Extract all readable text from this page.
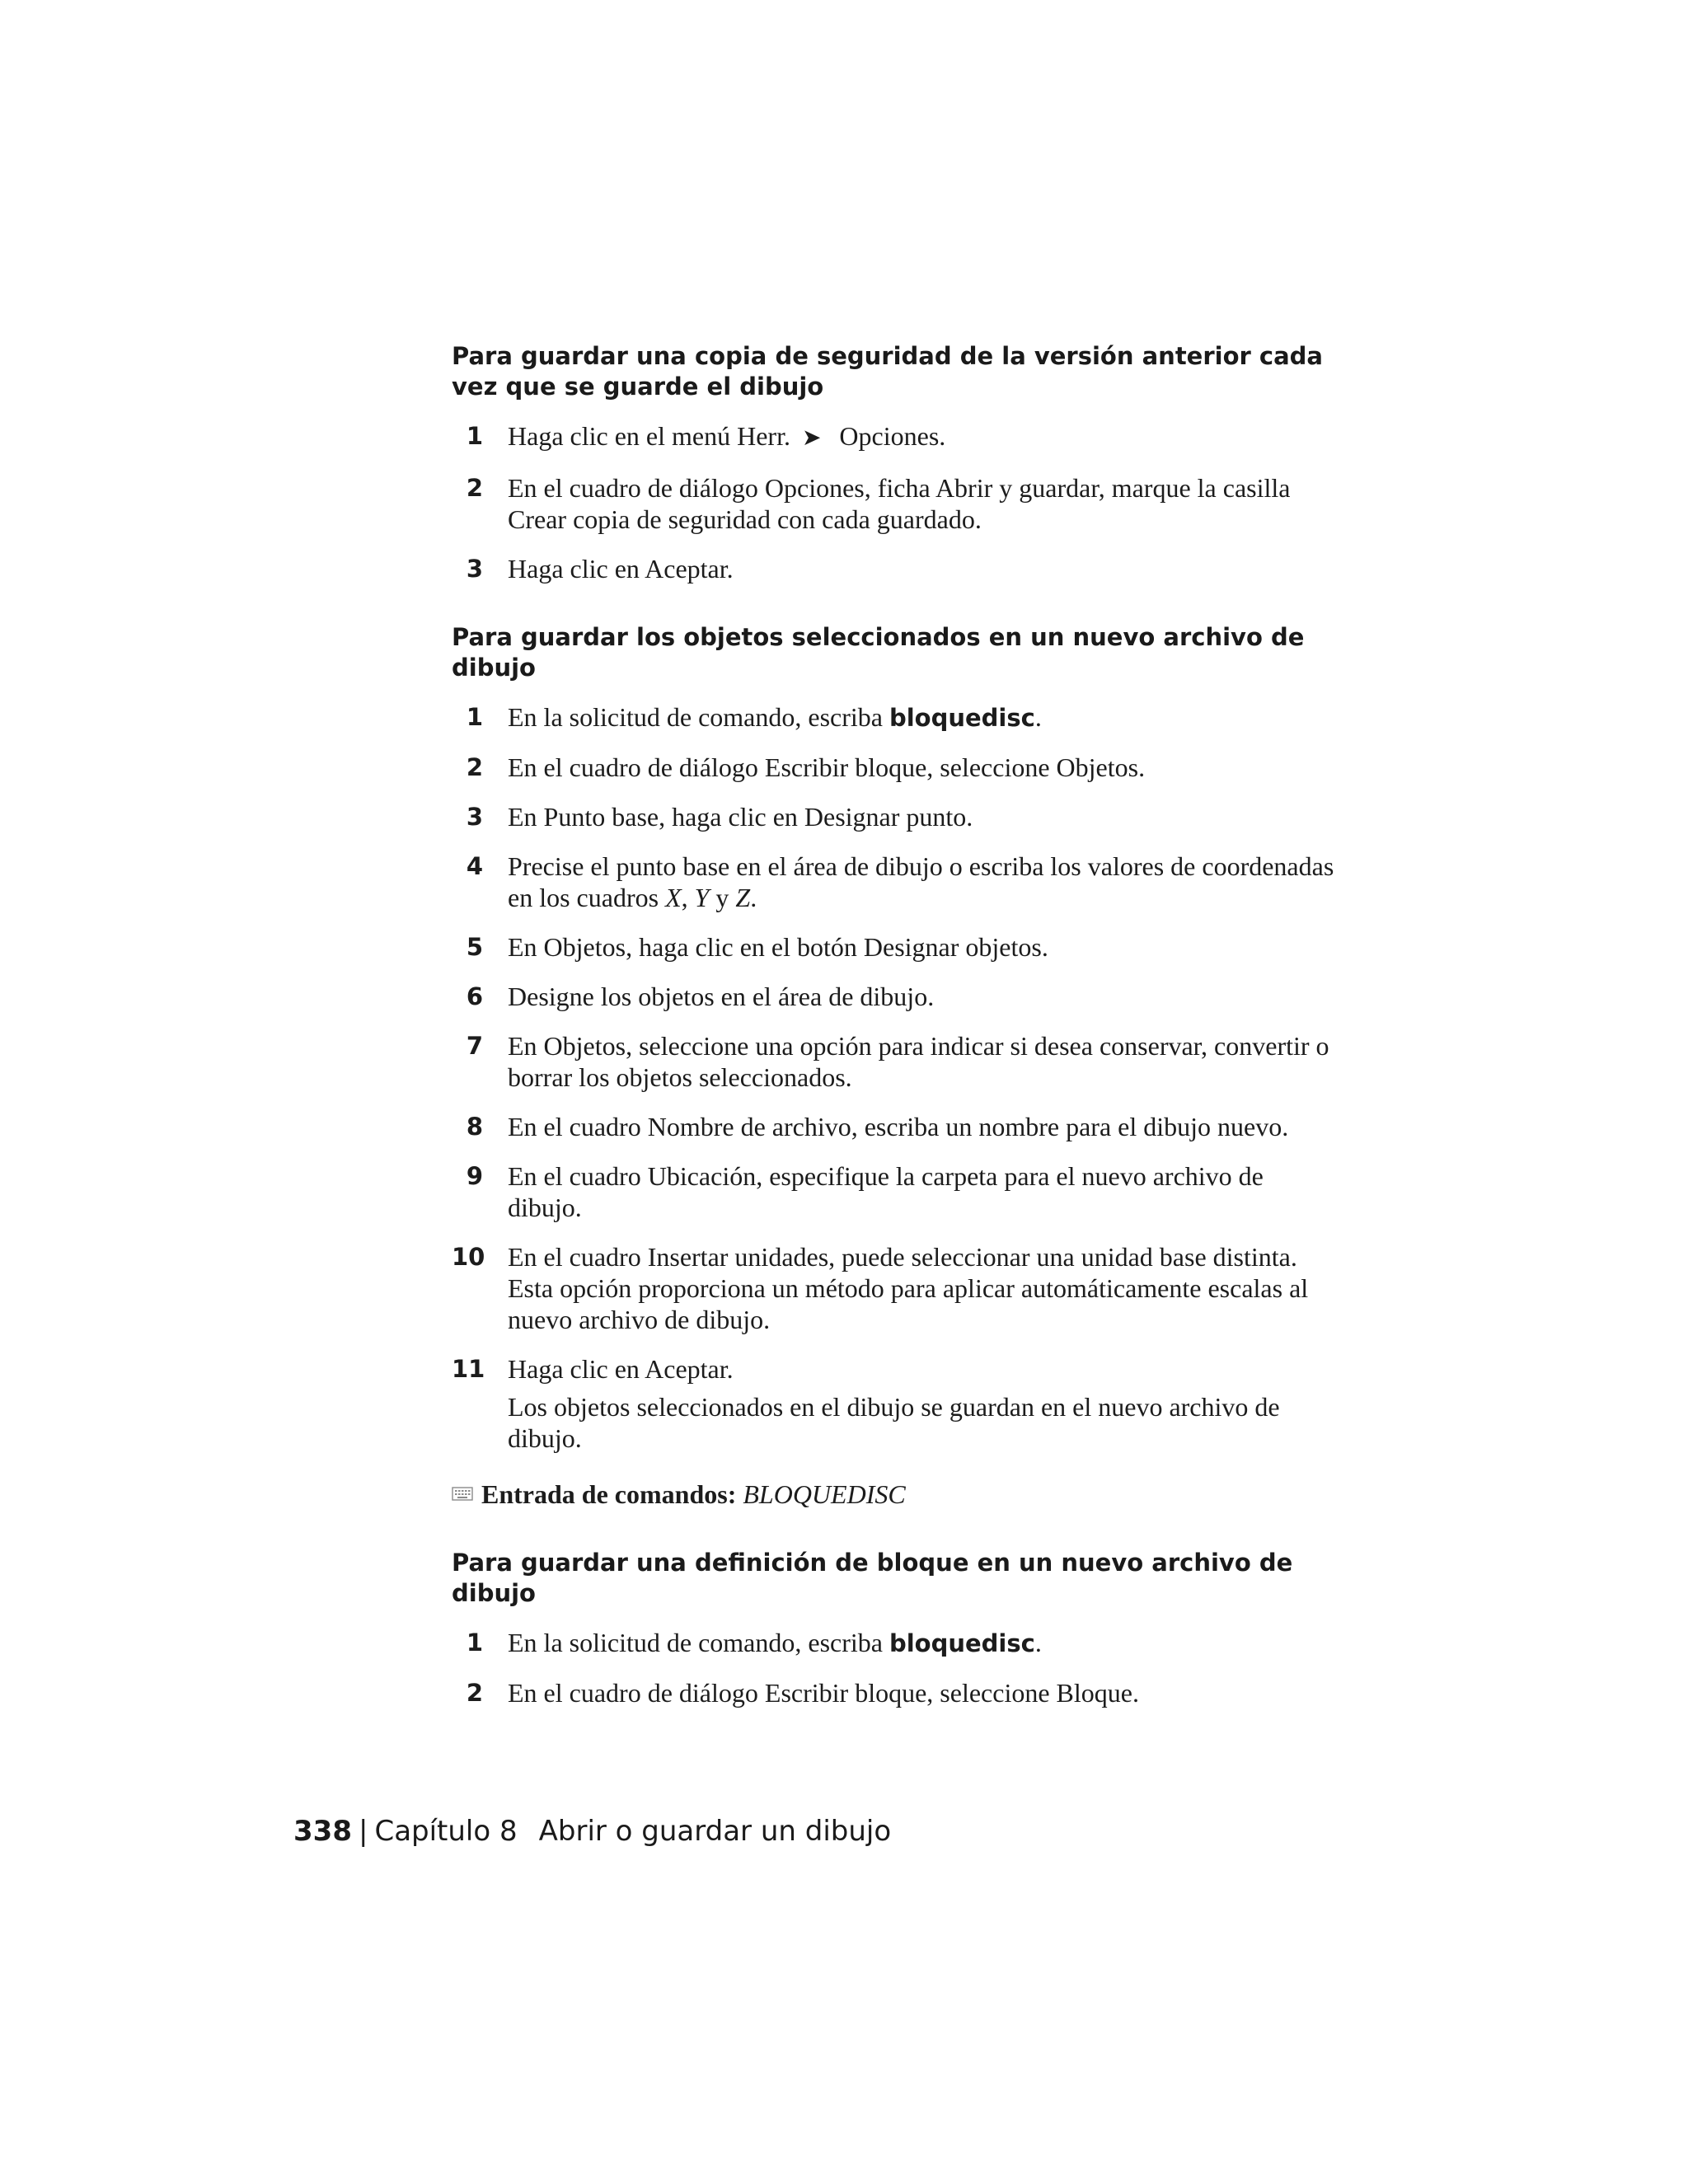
Para guardar una copia de seguridad de la versión anterior cada vez que se guarde el dibujo
1 Haga clic en el menú Herr. ➤ Opciones.
2 En el cuadro de diálogo Opciones, ficha Abrir y guardar, marque la casilla Crear copia de seguridad con cada guardado.
3 Haga clic en Aceptar.
Para guardar los objetos seleccionados en un nuevo archivo de dibujo
1 En la solicitud de comando, escriba bloquedisc.
2 En el cuadro de diálogo Escribir bloque, seleccione Objetos.
3 En Punto base, haga clic en Designar punto.
4 Precise el punto base en el área de dibujo o escriba los valores de coordenadas en los cuadros X, Y y Z.
5 En Objetos, haga clic en el botón Designar objetos.
6 Designe los objetos en el área de dibujo.
7 En Objetos, seleccione una opción para indicar si desea conservar, convertir o borrar los objetos seleccionados.
8 En el cuadro Nombre de archivo, escriba un nombre para el dibujo nuevo.
9 En el cuadro Ubicación, especifique la carpeta para el nuevo archivo de dibujo.
10 En el cuadro Insertar unidades, puede seleccionar una unidad base distinta. Esta opción proporciona un método para aplicar automáticamente escalas al nuevo archivo de dibujo.
11 Haga clic en Aceptar.
Los objetos seleccionados en el dibujo se guardan en el nuevo archivo de dibujo.
Entrada de comandos: BLOQUEDISC
Para guardar una definición de bloque en un nuevo archivo de dibujo
1 En la solicitud de comando, escriba bloquedisc.
2 En el cuadro de diálogo Escribir bloque, seleccione Bloque.
338 | Capítulo 8 Abrir o guardar un dibujo
